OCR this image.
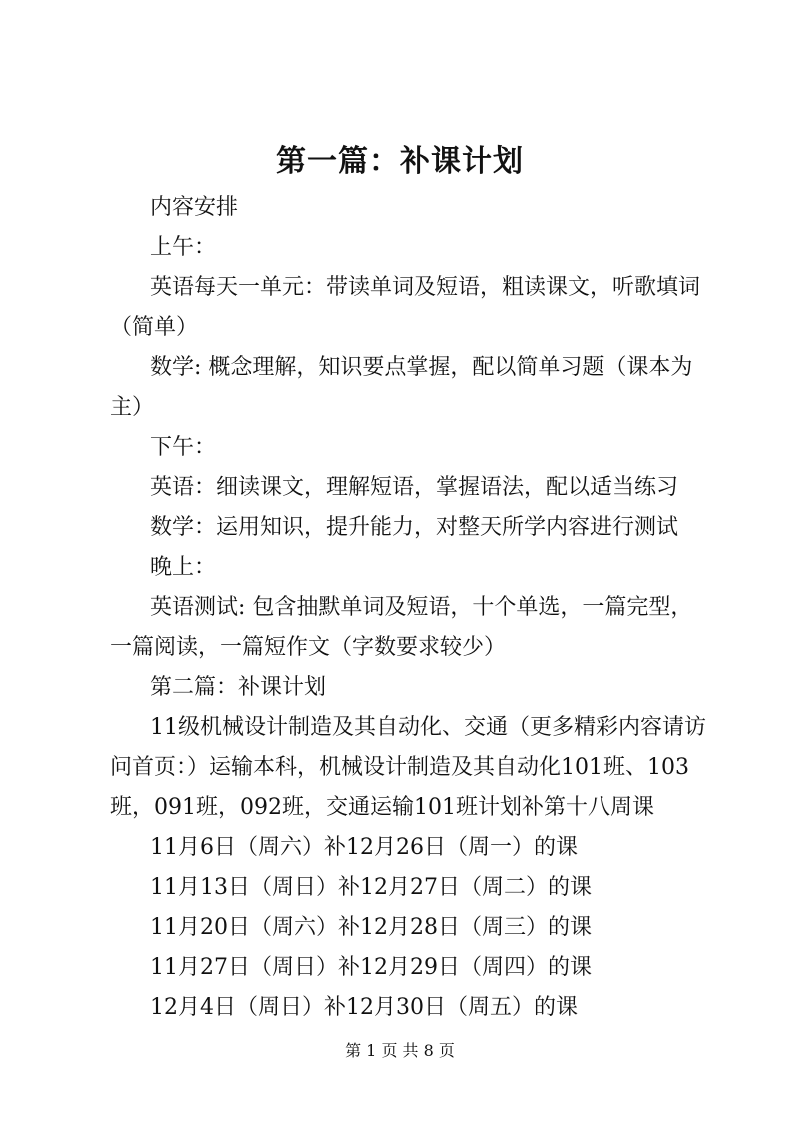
第一篇：补课计划

内容安排

上午：

英语每天一单元：带读单词及短语，粗读课文，听歌填词（简单）

数学: 概念理解，知识要点掌握，配以简单习题（课本为主）

下午：

英语：细读课文，理解短语，掌握语法，配以适当练习

数学：运用知识，提升能力，对整天所学内容进行测试

晚上：

英语测试: 包含抽默单词及短语，十个单选，一篇完型，一篇阅读，一篇短作文（字数要求较少）

第二篇：补课计划

11级机械设计制造及其自动化、交通（更多精彩内容请访问首页：）运输本科，机械设计制造及其自动化101班、103班，091班，092班，交通运输101班计划补第十八周课

11月6日（周六）补12月26日（周一）的课

11月13日（周日）补12月27日（周二）的课

11月20日（周六）补12月28日（周三）的课

11月27日（周日）补12月29日（周四）的课

12月4日（周日）补12月30日（周五）的课

第 1 页 共 8 页
